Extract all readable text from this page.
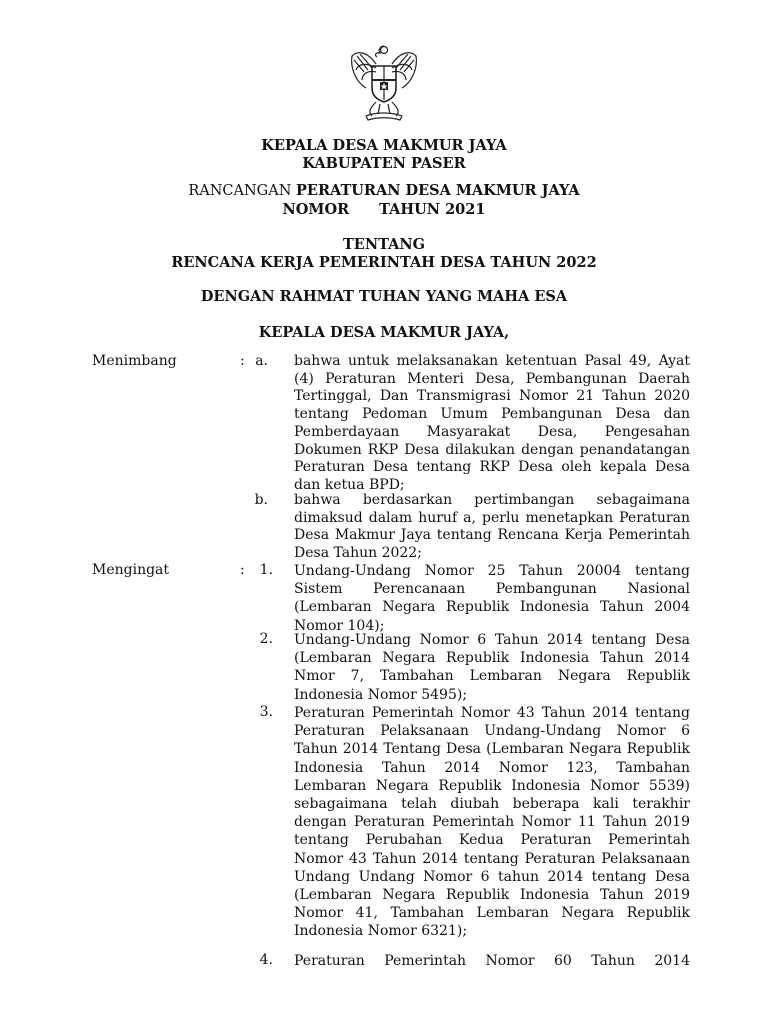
KEPALA DESA MAKMUR JAYA
KABUPATEN PASER
RANCANGAN PERATURAN DESA MAKMUR JAYA
NOMOR TAHUN 2021
TENTANG
RENCANA KERJA PEMERINTAH DESA TAHUN 2022
DENGAN RAHMAT TUHAN YANG MAHA ESA
KEPALA DESA MAKMUR JAYA,
Menimbang	: a. bahwa untuk melaksanakan ketentuan Pasal 49, Ayat (4) Peraturan Menteri Desa, Pembangunan Daerah Tertinggal, Dan Transmigrasi Nomor 21 Tahun 2020 tentang Pedoman Umum Pembangunan Desa dan Pemberdayaan Masyarakat Desa, Pengesahan Dokumen RKP Desa dilakukan dengan penandatangan Peraturan Desa tentang RKP Desa oleh kepala Desa dan ketua BPD;
b. bahwa berdasarkan pertimbangan sebagaimana dimaksud dalam huruf a, perlu menetapkan Peraturan Desa Makmur Jaya tentang Rencana Kerja Pemerintah Desa Tahun 2022;
Mengingat	:	1. Undang-Undang Nomor 25 Tahun 20004 tentang Sistem Perencanaan Pembangunan Nasional (Lembaran Negara Republik Indonesia Tahun 2004 Nomor 104);
2. Undang-Undang Nomor 6 Tahun 2014 tentang Desa (Lembaran Negara Republik Indonesia Tahun 2014 Nmor 7, Tambahan Lembaran Negara Republik Indonesia Nomor 5495);
3. Peraturan Pemerintah Nomor 43 Tahun 2014 tentang Peraturan Pelaksanaan Undang-Undang Nomor 6 Tahun 2014 Tentang Desa (Lembaran Negara Republik Indonesia Tahun 2014 Nomor 123, Tambahan Lembaran Negara Republik Indonesia Nomor 5539) sebagaimana telah diubah beberapa kali terakhir dengan Peraturan Pemerintah Nomor 11 Tahun 2019 tentang Perubahan Kedua Peraturan Pemerintah Nomor 43 Tahun 2014 tentang Peraturan Pelaksanaan Undang Undang Nomor 6 tahun 2014 tentang Desa (Lembaran Negara Republik Indonesia Tahun 2019 Nomor 41, Tambahan Lembaran Negara Republik Indonesia Nomor 6321);
4. Peraturan Pemerintah Nomor 60 Tahun 2014
